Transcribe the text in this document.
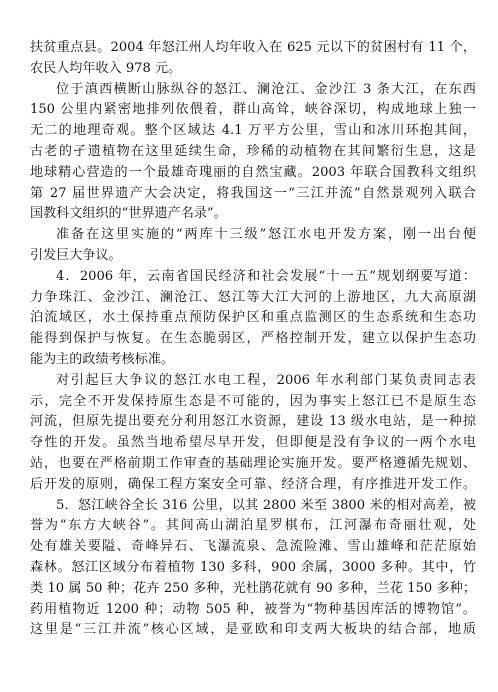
扶贫重点县。2004 年怒江州人均年收入在 625 元以下的贫困村有 11 个，
农民人均年收入 978 元。
位于滇西横断山脉纵谷的怒江、澜沧江、金沙江 3 条大江，在东西
150 公里内紧密地排列依偎着，群山高耸，峡谷深切，构成地球上独一
无二的地理奇观。整个区域达 4.1 万平方公里，雪山和冰川环抱其间，
古老的孑遗植物在这里延续生命，珍稀的动植物在其间繁衍生息，这是
地球精心营造的一个最雄奇瑰丽的自然宝藏。2003 年联合国教科文组织
第 27 届世界遗产大会决定，将我国这一“三江并流”自然景观列入联合
国教科文组织的“世界遗产名录”。
准备在这里实施的“两库十三级”怒江水电开发方案，刚一出台便
引发巨大争议。
4．2006 年，云南省国民经济和社会发展“十一五”规划纲要写道：
力争珠江、金沙江、澜沧江、怒江等大江大河的上游地区，九大高原湖
泊流域区，水土保持重点预防保护区和重点监测区的生态系统和生态功
能得到保护与恢复。在生态脆弱区，严格控制开发，建立以保护生态功
能为主的政绩考核标准。
对引起巨大争议的怒江水电工程，2006 年水利部门某负责同志表
示，完全不开发保持原生态是不可能的，因为事实上怒江已不是原生态
河流，但原先提出要充分利用怒江水资源，建设 13 级水电站，是一种掠
夺性的开发。虽然当地希望尽早开发，但即便是没有争议的一两个水电
站，也要在严格前期工作审查的基础理论实施开发。要严格遵循先规划、
后开发的原则，确保工程方案安全可靠、经济合理，有序推进开发工作。
5．怒江峡谷全长 316 公里，以其 2800 米至 3800 米的相对高差，被
誉为“东方大峡谷”。其间高山湖泊星罗棋布，江河瀑布奇丽壮观，处
处有雄关要隘、奇峰异石、飞瀑流泉、急流险滩、雪山雄峰和茫茫原始
森林。怒江区域分布着植物 130 多科，900 余属，3000 多种。其中，竹
类 10 属 50 种；花卉 250 多种，光杜鹃花就有 90 多种，兰花 150 多种；
药用植物近 1200 种；动物 505 种，被誉为“物种基因库活的博物馆”。
这里是“三江并流”核心区域，是亚欧和印支两大板块的结合部，地质
